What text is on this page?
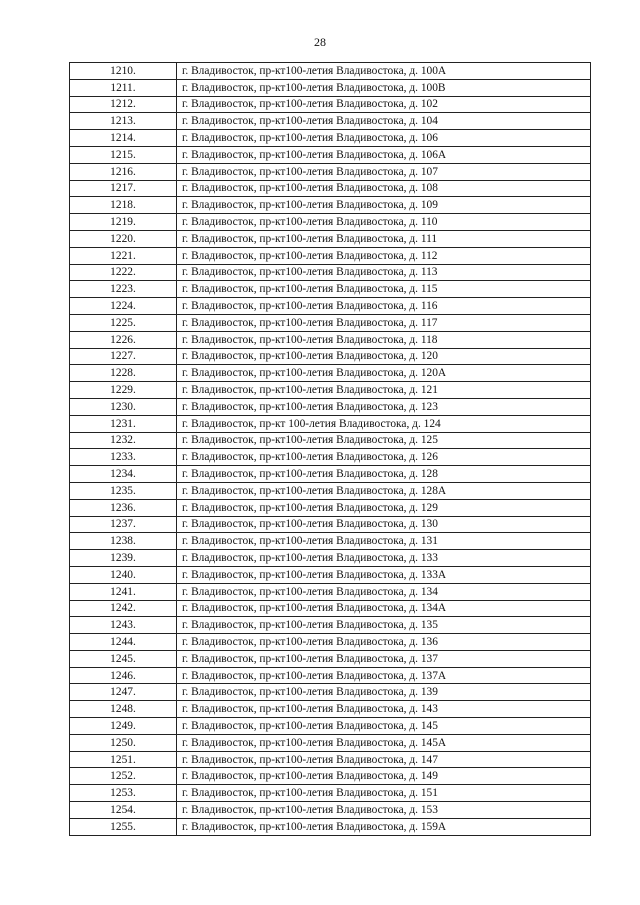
28
1210.	г. Владивосток, пр-кт100-летия Владивостока, д. 100А
1211.	г. Владивосток, пр-кт100-летия Владивостока, д. 100В
1212.	г. Владивосток, пр-кт100-летия Владивостока, д. 102
1213.	г. Владивосток, пр-кт100-летия Владивостока, д. 104
1214.	г. Владивосток, пр-кт100-летия Владивостока, д. 106
1215.	г. Владивосток, пр-кт100-летия Владивостока, д. 106А
1216.	г. Владивосток, пр-кт100-летия Владивостока, д. 107
1217.	г. Владивосток, пр-кт100-летия Владивостока, д. 108
1218.	г. Владивосток, пр-кт100-летия Владивостока, д. 109
1219.	г. Владивосток, пр-кт100-летия Владивостока, д. 110
1220.	г. Владивосток, пр-кт100-летия Владивостока, д. 111
1221.	г. Владивосток, пр-кт100-летия Владивостока, д. 112
1222.	г. Владивосток, пр-кт100-летия Владивостока, д. 113
1223.	г. Владивосток, пр-кт100-летия Владивостока, д. 115
1224.	г. Владивосток, пр-кт100-летия Владивостока, д. 116
1225.	г. Владивосток, пр-кт100-летия Владивостока, д. 117
1226.	г. Владивосток, пр-кт100-летия Владивостока, д. 118
1227.	г. Владивосток, пр-кт100-летия Владивостока, д. 120
1228.	г. Владивосток, пр-кт100-летия Владивостока, д. 120А
1229.	г. Владивосток, пр-кт100-летия Владивостока, д. 121
1230.	г. Владивосток, пр-кт100-летия Владивостока, д. 123
1231.	г. Владивосток, пр-кт 100-летия Владивостока, д. 124
1232.	г. Владивосток, пр-кт100-летия Владивостока, д. 125
1233.	г. Владивосток, пр-кт100-летия Владивостока, д. 126
1234.	г. Владивосток, пр-кт100-летия Владивостока, д. 128
1235.	г. Владивосток, пр-кт100-летия Владивостока, д. 128А
1236.	г. Владивосток, пр-кт100-летия Владивостока, д. 129
1237.	г. Владивосток, пр-кт100-летия Владивостока, д. 130
1238.	г. Владивосток, пр-кт100-летия Владивостока, д. 131
1239.	г. Владивосток, пр-кт100-летия Владивостока, д. 133
1240.	г. Владивосток, пр-кт100-летия Владивостока, д. 133А
1241.	г. Владивосток, пр-кт100-летия Владивостока, д. 134
1242.	г. Владивосток, пр-кт100-летия Владивостока, д. 134А
1243.	г. Владивосток, пр-кт100-летия Владивостока, д. 135
1244.	г. Владивосток, пр-кт100-летия Владивостока, д. 136
1245.	г. Владивосток, пр-кт100-летия Владивостока, д. 137
1246.	г. Владивосток, пр-кт100-летия Владивостока, д. 137А
1247.	г. Владивосток, пр-кт100-летия Владивостока, д. 139
1248.	г. Владивосток, пр-кт100-летия Владивостока, д. 143
1249.	г. Владивосток, пр-кт100-летия Владивостока, д. 145
1250.	г. Владивосток, пр-кт100-летия Владивостока, д. 145А
1251.	г. Владивосток, пр-кт100-летия Владивостока, д. 147
1252.	г. Владивосток, пр-кт100-летия Владивостока, д. 149
1253.	г. Владивосток, пр-кт100-летия Владивостока, д. 151
1254.	г. Владивосток, пр-кт100-летия Владивостока, д. 153
1255.	г. Владивосток, пр-кт100-летия Владивостока, д. 159А
